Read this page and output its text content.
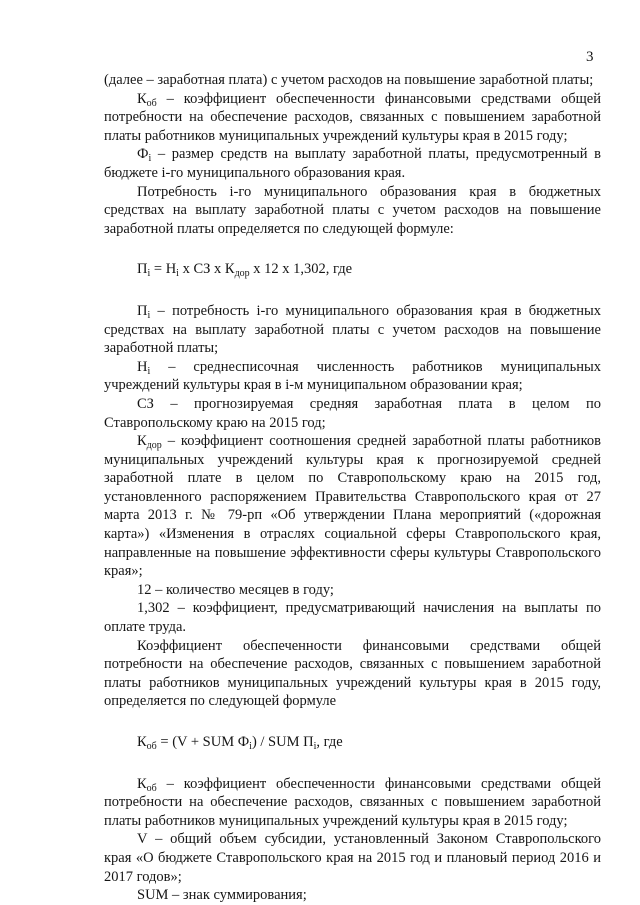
3

(далее – заработная плата) с учетом расходов на повышение заработной платы;

$К_{об}$ – коэффициент обеспеченности финансовыми средствами общей потребности на обеспечение расходов, связанных с повышением заработной платы работников муниципальных учреждений культуры края в 2015 году;

$Ф_i$ – размер средств на выплату заработной платы, предусмотренный в бюджете i-го муниципального образования края.

Потребность i-го муниципального образования края в бюджетных средствах на выплату заработной платы с учетом расходов на повышение заработной платы определяется по следующей формуле:

$П_i = Н_i$ х СЗ х $К_{дор}$ х 12 х 1,302, где

$П_i$ – потребность i-го муниципального образования края в бюджетных средствах на выплату заработной платы с учетом расходов на повышение заработной платы;

$Н_i$ – среднесписочная численность работников муниципальных учреждений культуры края в i-м муниципальном образовании края;

СЗ – прогнозируемая средняя заработная плата в целом по Ставропольскому краю на 2015 год;

$К_{дор}$ – коэффициент соотношения средней заработной платы работников муниципальных учреждений культуры края к прогнозируемой средней заработной плате в целом по Ставропольскому краю на 2015 год, установленного распоряжением Правительства Ставропольского края от 27 марта 2013 г. № 79-рп «Об утверждении Плана мероприятий («дорожная карта») «Изменения в отраслях социальной сферы Ставропольского края, направленные на повышение эффективности сферы культуры Ставропольского края»;

12 – количество месяцев в году;

1,302 – коэффициент, предусматривающий начисления на выплаты по оплате труда.

Коэффициент обеспеченности финансовыми средствами общей потребности на обеспечение расходов, связанных с повышением заработной платы работников муниципальных учреждений культуры края в 2015 году, определяется по следующей формуле

$К_{об} = (V$ + SUM $Ф_i$) / SUM $П_i$, где

$К_{об}$ – коэффициент обеспеченности финансовыми средствами общей потребности на обеспечение расходов, связанных с повышением заработной платы работников муниципальных учреждений культуры края в 2015 году;

V – общий объем субсидии, установленный Законом Ставропольского края «О бюджете Ставропольского края на 2015 год и плановый период 2016 и 2017 годов»;

SUM – знак суммирования;
